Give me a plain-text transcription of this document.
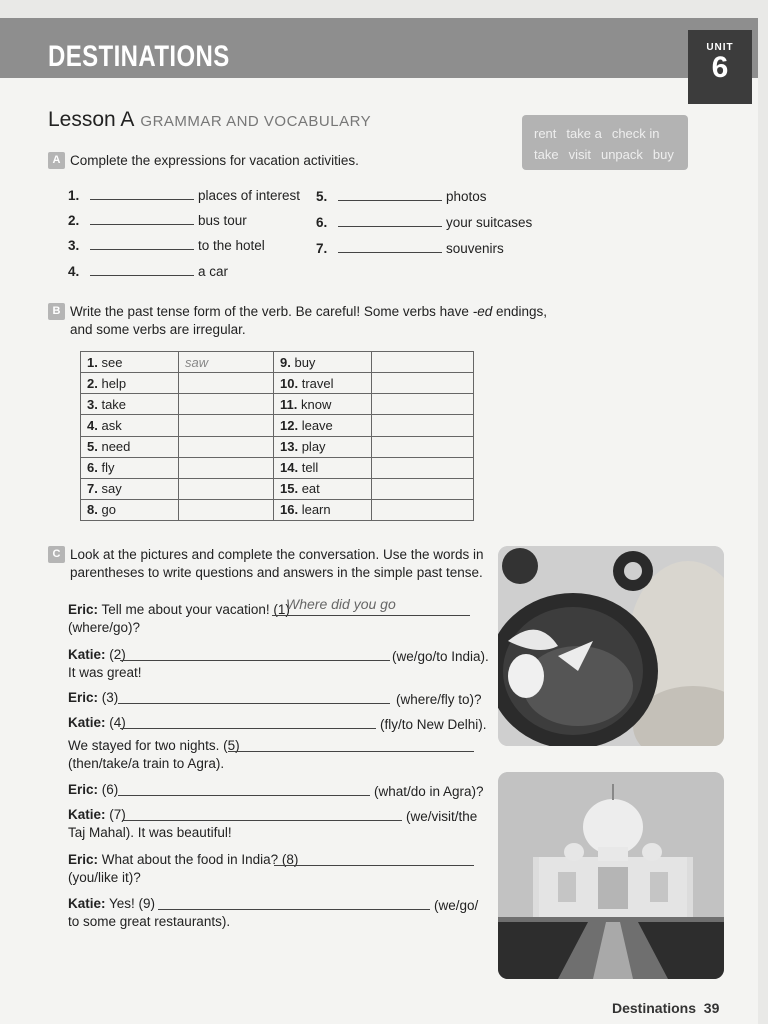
DESTINATIONS	UNIT
6
Lesson A GRAMMAR AND VOCABULARY
rent take a check in
take visit unpack buy
A Complete the expressions for vacation activities.
1.	places of interest
2.	bus tour
3.	to the hotel
4.	a car
5.	photos
6.	your suitcases
7.	souvenirs
B Write the past tense form of the verb. Be careful! Some verbs have -ed endings,
and some verbs are irregular.
1. see	saw	9. buy	
2. help		10. travel	
3. take		11. know	
4. ask		12. leave	
5. need		13. play	
6. fly		14. tell	
7. say		15. eat	
8. go		16. learn	
C Look at the pictures and complete the conversation. Use the words in
parentheses to write questions and answers in the simple past tense.
Eric: Tell me about your vacation! (1)
Where did you go
(where/go)?
Katie: (2)	(we/go/to India).
It was great!
Eric: (3)	(where/fly to)?
Katie: (4)	(fly/to New Delhi).
We stayed for two nights. (5)
(then/take/a train to Agra).
Eric: (6)	(what/do in Agra)?
Katie: (7)	(we/visit/the
Taj Mahal). It was beautiful!
Eric: What about the food in India? (8)
(you/like it)?
Katie: Yes! (9)	(we/go/
to some great restaurants).
Destinations 39
